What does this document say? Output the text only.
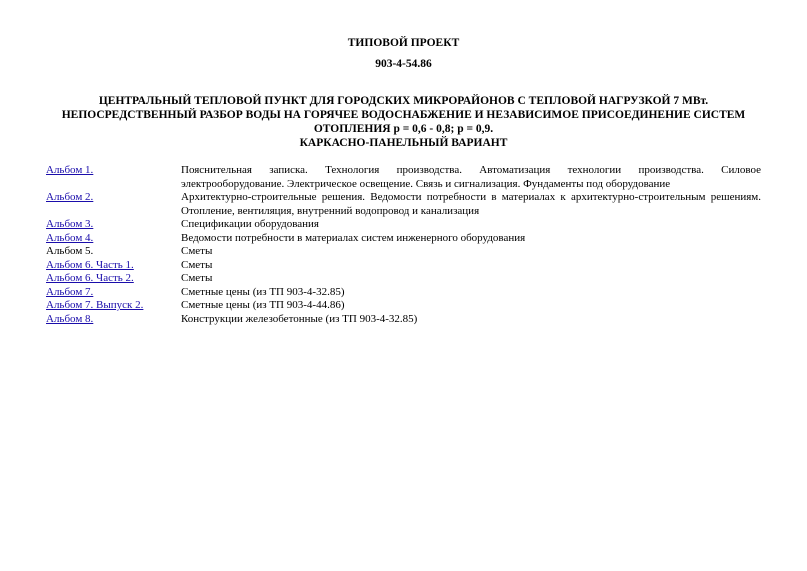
ТИПОВОЙ ПРОЕКТ
903-4-54.86
ЦЕНТРАЛЬНЫЙ ТЕПЛОВОЙ ПУНКТ ДЛЯ ГОРОДСКИХ МИКРОРАЙОНОВ С ТЕПЛОВОЙ НАГРУЗКОЙ 7 МВт.
НЕПОСРЕДСТВЕННЫЙ РАЗБОР ВОДЫ НА ГОРЯЧЕЕ ВОДОСНАБЖЕНИЕ И НЕЗАВИСИМОЕ ПРИСОЕДИНЕНИЕ СИСТЕМ ОТОПЛЕНИЯ р = 0,6 - 0,8; р = 0,9.
КАРКАСНО-ПАНЕЛЬНЫЙ ВАРИАНТ
Альбом 1.	Пояснительная записка. Технология производства. Автоматизация технологии производства. Силовое электрооборудование. Электрическое освещение. Связь и сигнализация. Фундаменты под оборудование
Альбом 2.	Архитектурно-строительные решения. Ведомости потребности в материалах к архитектурно-строительным решениям. Отопление, вентиляция, внутренний водопровод и канализация
Альбом 3.	Спецификации оборудования
Альбом 4.	Ведомости потребности в материалах систем инженерного оборудования
Альбом 5.	Сметы
Альбом 6. Часть 1.	Сметы
Альбом 6. Часть 2.	Сметы
Альбом 7.	Сметные цены (из ТП 903-4-32.85)
Альбом 7. Выпуск 2.	Сметные цены (из ТП 903-4-44.86)
Альбом 8.	Конструкции железобетонные (из ТП 903-4-32.85)
